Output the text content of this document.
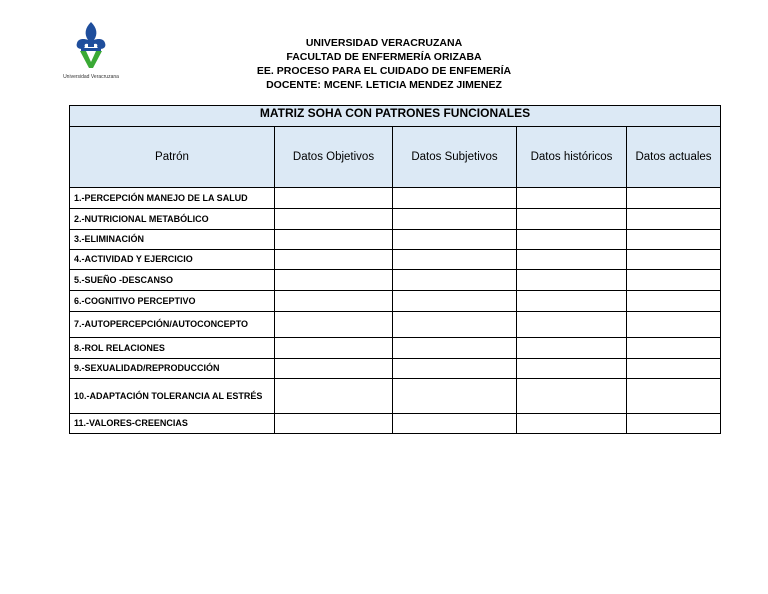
Universidad Veracruzana
UNIVERSIDAD VERACRUZANA
FACULTAD DE ENFERMERÍA ORIZABA
EE. PROCESO PARA EL CUIDADO DE ENFEMERÍA
DOCENTE: MCENF. LETICIA MENDEZ JIMENEZ
MATRIZ SOHA CON PATRONES FUNCIONALES				
Patrón	Datos Objetivos	Datos Subjetivos	Datos históricos	Datos actuales
1.-PERCEPCIÓN MANEJO DE LA SALUD				
2.-NUTRICIONAL METABÓLICO				
3.-ELIMINACIÓN				
4.-ACTIVIDAD Y EJERCICIO				
5.-SUEÑO -DESCANSO				
6.-COGNITIVO PERCEPTIVO				
7.-AUTOPERCEPCIÓN/AUTOCONCEPTO				
8.-ROL RELACIONES				
9.-SEXUALIDAD/REPRODUCCIÓN				
10.-ADAPTACIÓN TOLERANCIA AL ESTRÉS				
11.-VALORES-CREENCIAS				
